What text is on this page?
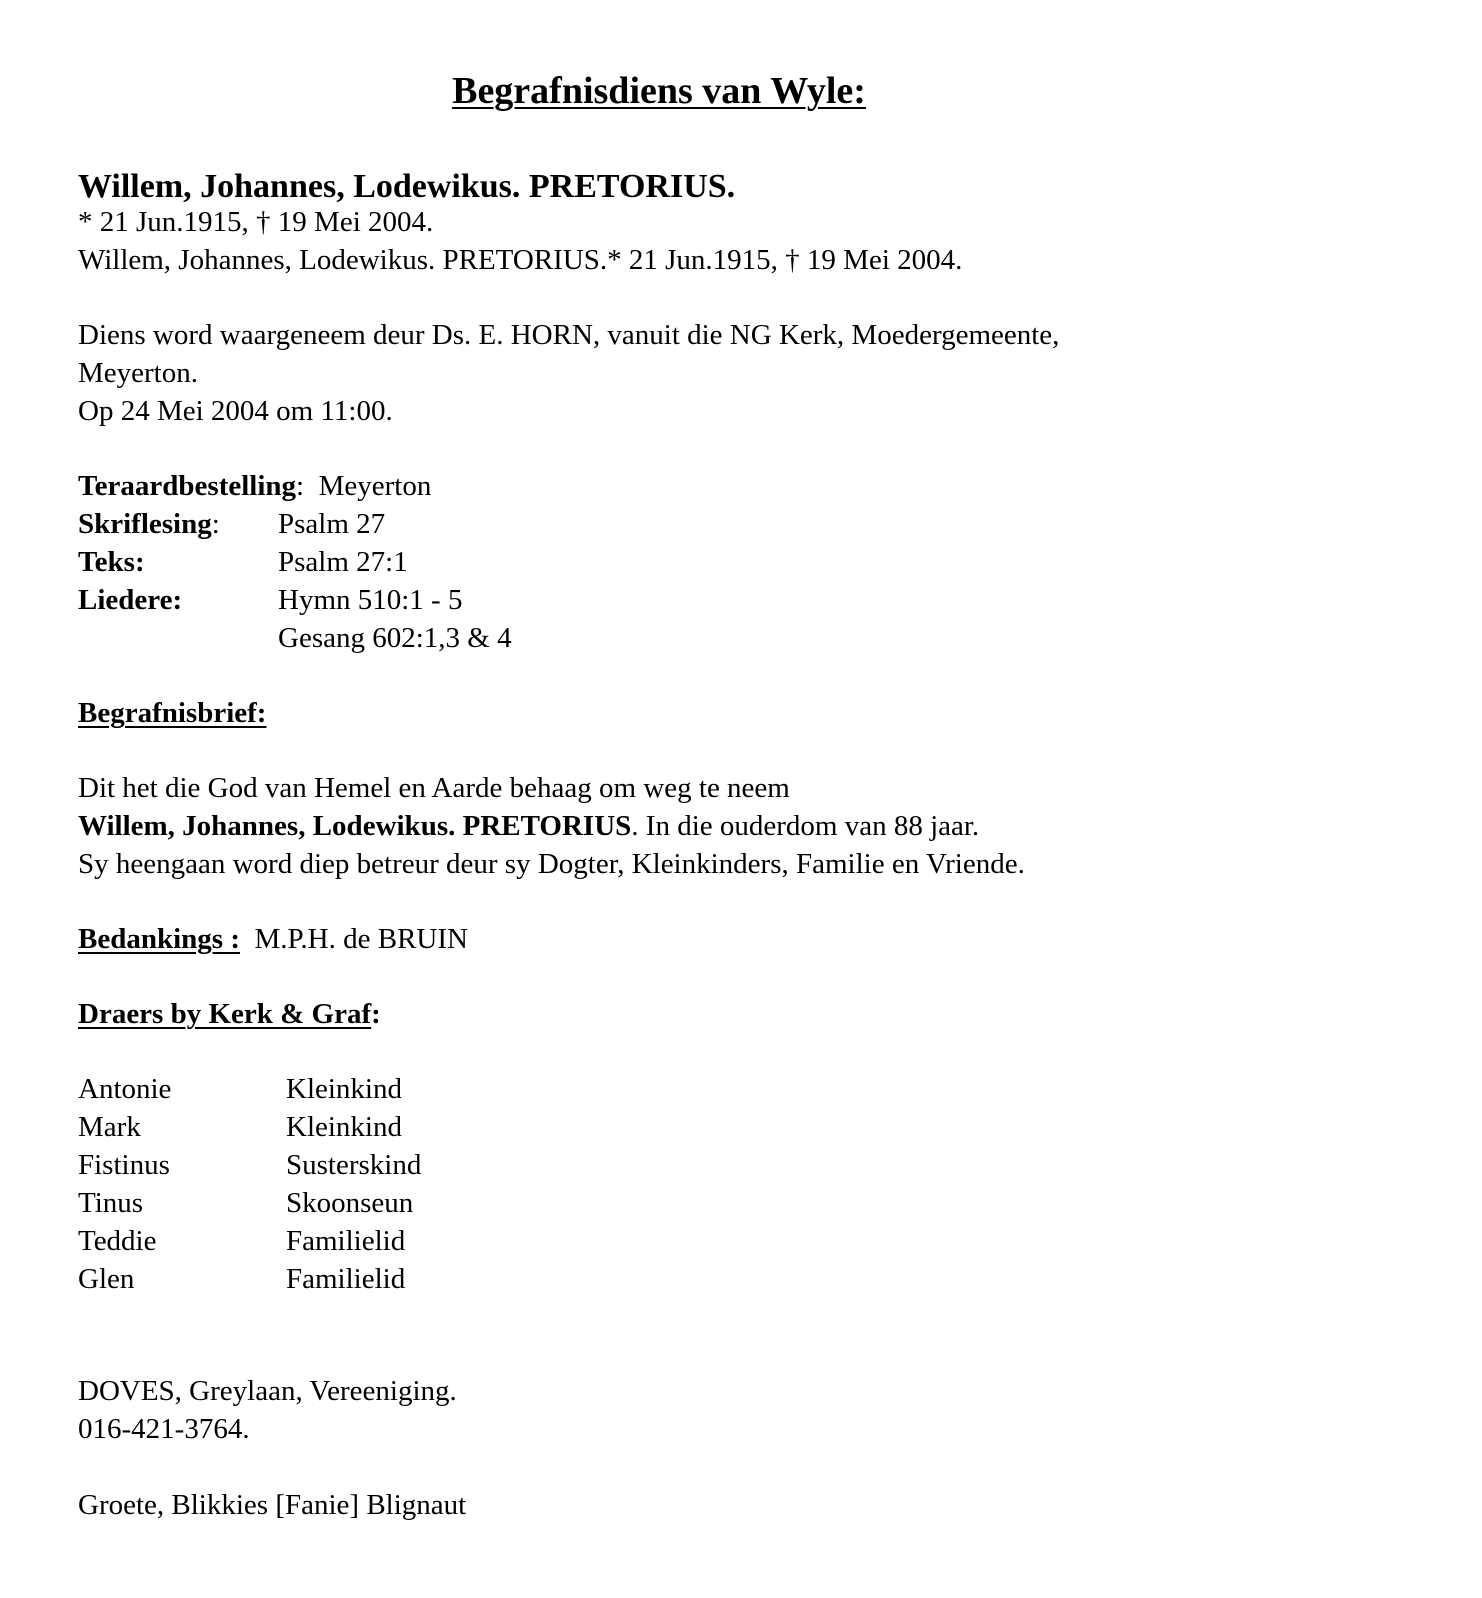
Begrafnisdiens van Wyle:
Willem, Johannes, Lodewikus. PRETORIUS.
* 21 Jun.1915, † 19 Mei 2004.
Willem, Johannes, Lodewikus. PRETORIUS.* 21 Jun.1915, † 19 Mei 2004.
Diens word waargeneem deur Ds. E. HORN, vanuit die NG Kerk, Moedergemeente,
Meyerton.
Op 24 Mei 2004 om 11:00.
Teraardbestelling: Meyerton
Skriflesing: Psalm 27
Teks:	Psalm 27:1
Liedere:	Hymn 510:1 - 5
Gesang 602:1,3 & 4
Begrafnisbrief:
Dit het die God van Hemel en Aarde behaag om weg te neem
Willem, Johannes, Lodewikus. PRETORIUS. In die ouderdom van 88 jaar.
Sy heengaan word diep betreur deur sy Dogter, Kleinkinders, Familie en Vriende.
Bedankings : M.P.H. de BRUIN
Draers by Kerk & Graf:
Antonie	Kleinkind
Mark	Kleinkind
Fistinus	Susterskind
Tinus	Skoonseun
Teddie	Familielid
Glen	Familielid
DOVES, Greylaan, Vereeniging.
016-421-3764.
Groete, Blikkies [Fanie] Blignaut
